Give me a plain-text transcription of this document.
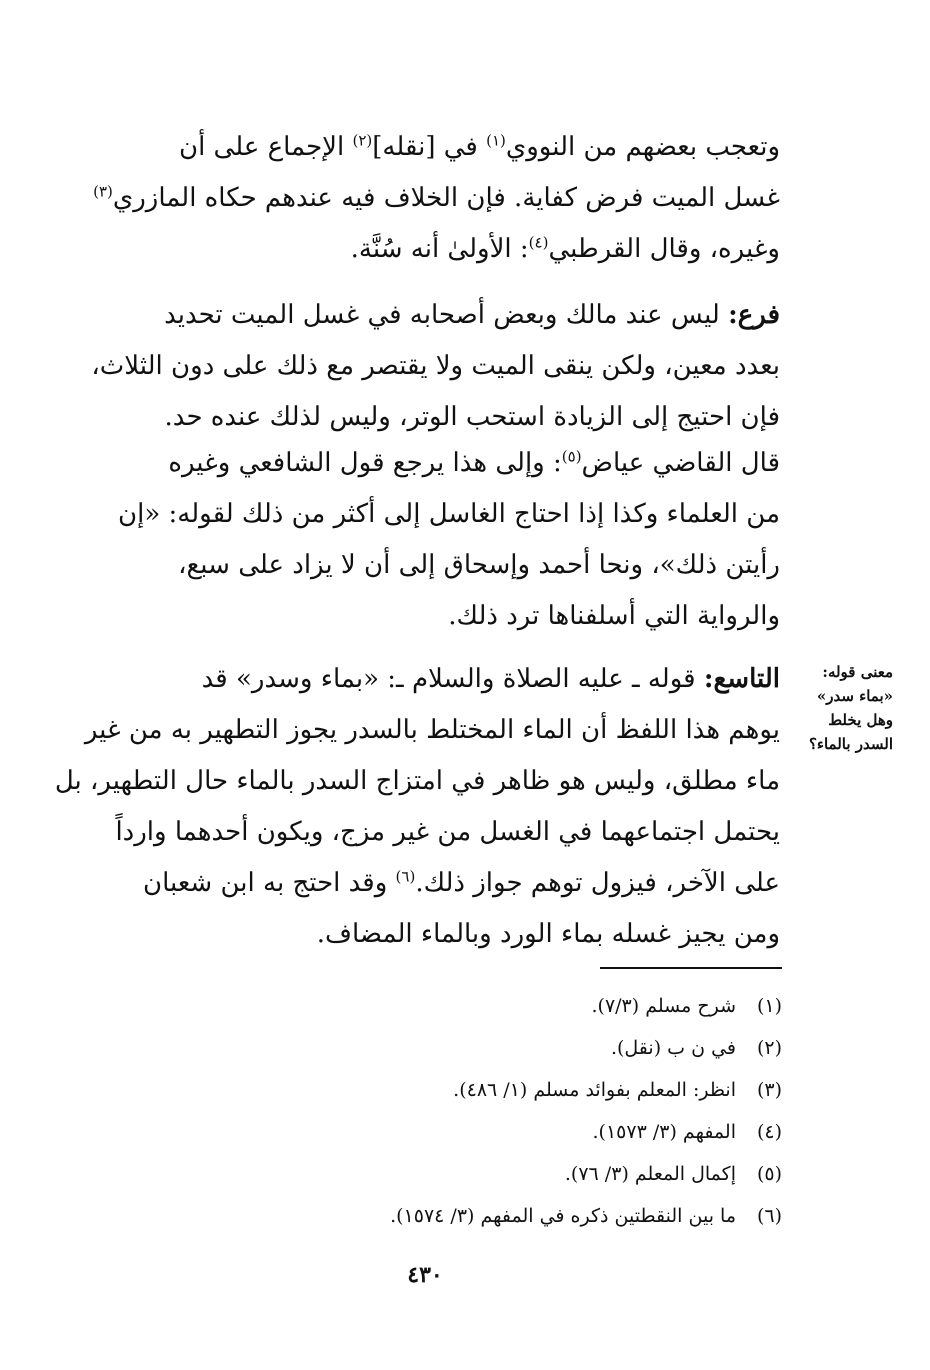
وتعجب بعضهم من النووي$^{(١)}$ في [نقله]$^{(٢)}$ الإجماع على أن
غسل الميت فرض كفاية. فإن الخلاف فيه عندهم حكاه المازري$^{(٣)}$
وغيره، وقال القرطبي$^{(٤)}$: الأولىٰ أنه سُنَّة.
فرع: ليس عند مالك وبعض أصحابه في غسل الميت تحديد
بعدد معين، ولكن ينقى الميت ولا يقتصر مع ذلك على دون الثلاث،
فإن احتيج إلى الزيادة استحب الوتر، وليس لذلك عنده حد.
قال القاضي عياض$^{(٥)}$: وإلى هذا يرجع قول الشافعي وغيره
من العلماء وكذا إذا احتاج الغاسل إلى أكثر من ذلك لقوله: «إن
رأيتن ذلك»، ونحا أحمد وإسحاق إلى أن لا يزاد على سبع،
والرواية التي أسلفناها ترد ذلك.
التاسع: قوله ـ عليه الصلاة والسلام ـ: «بماء وسدر» قد
يوهم هذا اللفظ أن الماء المختلط بالسدر يجوز التطهير به من غير
ماء مطلق، وليس هو ظاهر في امتزاج السدر بالماء حال التطهير، بل
يحتمل اجتماعهما في الغسل من غير مزج، ويكون أحدهما وارداً
على الآخر، فيزول توهم جواز ذلك.$^{(٦)}$ وقد احتج به ابن شعبان
ومن يجيز غسله بماء الورد وبالماء المضاف.
معنى قوله:
«بماء سدر»
وهل يخلط
السدر بالماء؟
(١)شرح مسلم (٧/٣).
(٢)في ن ب (نقل).
(٣)انظر: المعلم بفوائد مسلم (١/ ٤٨٦).
(٤)المفهم (٣/ ١٥٧٣).
(٥)إكمال المعلم (٣/ ٧٦).
(٦)ما بين النقطتين ذكره في المفهم (٣/ ١٥٧٤).
٤٣٠
